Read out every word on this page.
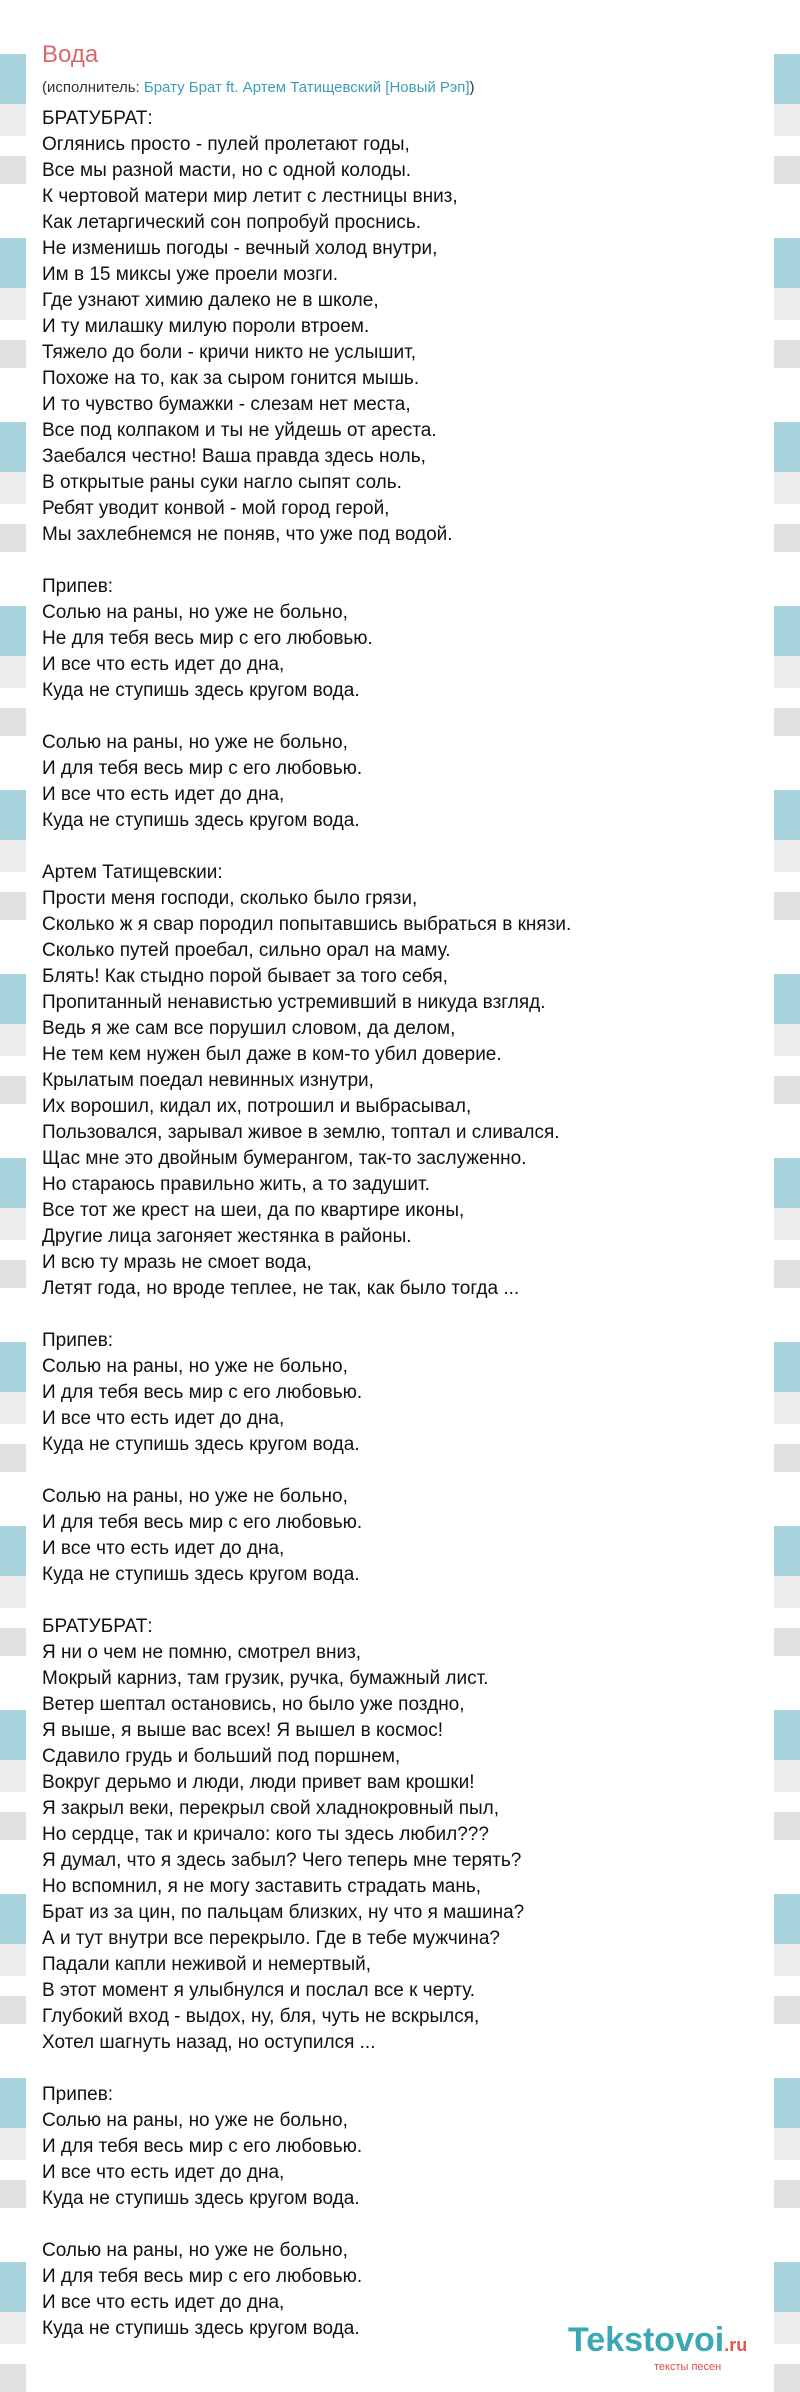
Вода
(исполнитель: Брату Брат ft. Артем Татищевский [Новый Рэп])
БРАТУБРАТ:
Оглянись просто - пулей пролетают годы,
Все мы разной масти, но с одной колоды.
К чертовой матери мир летит с лестницы вниз,
Как летаргический сон попробуй проснись.
Не изменишь погоды - вечный холод внутри,
Им в 15 миксы уже проели мозги.
Где узнают химию далеко не в школе,
И ту милашку милую пороли втроем.
Тяжело до боли - кричи никто не услышит,
Похоже на то, как за сыром гонится мышь.
И то чувство бумажки - слезам нет места,
Все под колпаком и ты не уйдешь от ареста.
Заебался честно! Ваша правда здесь ноль,
В открытые раны суки нагло сыпят соль.
Ребят уводит конвой - мой город герой,
Мы захлебнемся не поняв, что уже под водой.
Припев:
Солью на раны, но уже не больно,
Не для тебя весь мир с его любовью.
И все что есть идет до дна,
Куда не ступишь здесь кругом вода.
Солью на раны, но уже не больно,
И для тебя весь мир с его любовью.
И все что есть идет до дна,
Куда не ступишь здесь кругом вода.
Артем Татищевскии:
Прости меня господи, сколько было грязи,
Сколько ж я свар породил попытавшись выбраться в князи.
Сколько путей проебал, сильно орал на маму.
Блять! Как стыдно порой бывает за того себя,
Пропитанный ненавистью устремивший в никуда взгляд.
Ведь я же сам все порушил словом, да делом,
Не тем кем нужен был даже в ком-то убил доверие.
Крылатым поедал невинных изнутри,
Их ворошил, кидал их, потрошил и выбрасывал,
Пользовался, зарывал живое в землю, топтал и сливался.
Щас мне это двойным бумерангом, так-то заслуженно.
Но стараюсь правильно жить, а то задушит.
Все тот же крест на шеи, да по квартире иконы,
Другие лица загоняет жестянка в районы.
И всю ту мразь не смоет вода,
Летят года, но вроде теплее, не так, как было тогда ...
Припев:
Солью на раны, но уже не больно,
И для тебя весь мир с его любовью.
И все что есть идет до дна,
Куда не ступишь здесь кругом вода.
Солью на раны, но уже не больно,
И для тебя весь мир с его любовью.
И все что есть идет до дна,
Куда не ступишь здесь кругом вода.
БРАТУБРАТ:
Я ни о чем не помню, смотрел вниз,
Мокрый карниз, там грузик, ручка, бумажный лист.
Ветер шептал остановись, но было уже поздно,
Я выше, я выше вас всех! Я вышел в космос!
Сдавило грудь и больший под поршнем,
Вокруг дерьмо и люди, люди привет вам крошки!
Я закрыл веки, перекрыл свой хладнокровный пыл,
Но сердце, так и кричало: кого ты здесь любил???
Я думал, что я здесь забыл? Чего теперь мне терять?
Но вспомнил, я не могу заставить страдать мань,
Брат из за цин, по пальцам близких, ну что я машина?
А и тут внутри все перекрыло. Где в тебе мужчина?
Падали капли неживой и немертвый,
В этот момент я улыбнулся и послал все к черту.
Глубокий вход - выдох, ну, бля, чуть не вскрылся,
Хотел шагнуть назад, но оступился ...
Припев:
Солью на раны, но уже не больно,
И для тебя весь мир с его любовью.
И все что есть идет до дна,
Куда не ступишь здесь кругом вода.
Солью на раны, но уже не больно,
И для тебя весь мир с его любовью.
И все что есть идет до дна,
Куда не ступишь здесь кругом вода.	Tekstovoi.ru
тексты песен
